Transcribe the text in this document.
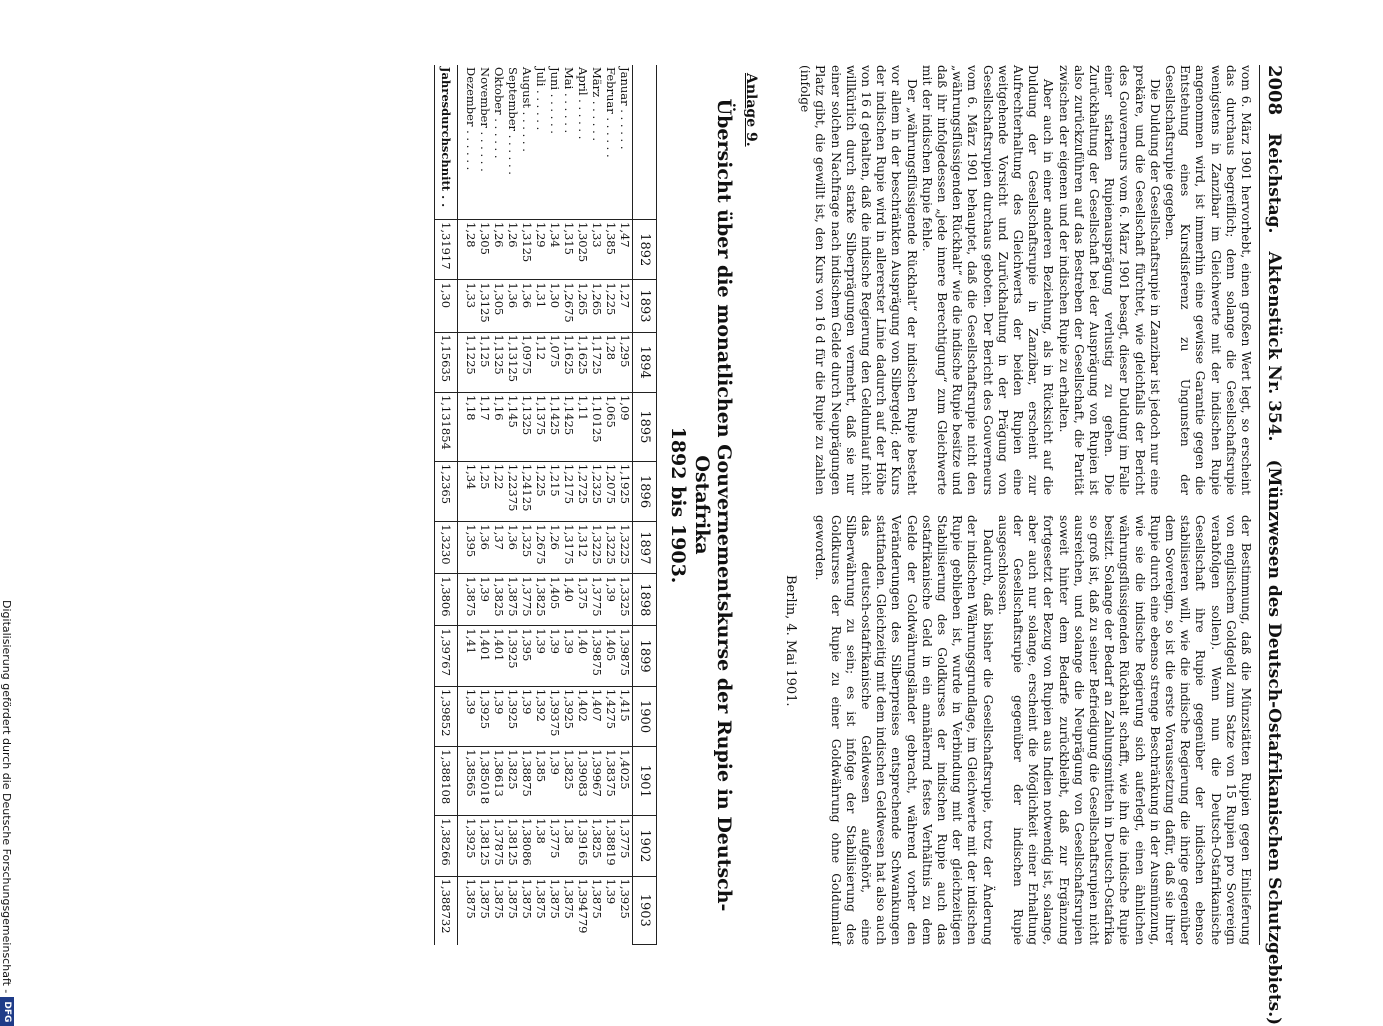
2008
Reichstag.
Aktenstück Nr. 354.
(Münzwesen des Deutsch-Ostafrikanischen Schutzgebiets.)

vom 6. März 1901 hervorhebt, einen großen Wert legt, so erscheint das durchaus begreiflich; denn solange die Gesellschaftsrupie wenigstens in Zanzibar im Gleichwerte mit der indischen Rupie angenommen wird, ist immerhin eine gewisse Garantie gegen die Entstehung eines Kursdisferenz zu Ungunsten der Gesellschaftsrupie gegeben.

Die Duldung der Gesellschaftsrupie in Zanzibar ist jedoch nur eine prekäre, und die Gesellschaft fürchtet, wie gleichfalls der Bericht des Gouverneurs vom 6. März 1901 besagt, dieser Duldung im Falle einer starken Rupienausprägung verlustig zu gehen. Die Zurückhaltung der Gesellschaft bei der Ausprägung von Rupien ist also zurückzuführen auf das Bestreben der Gesellschaft, die Parität zwischen der eigenen und der indischen Rupie zu erhalten.

Aber auch in einer anderen Beziehung, als in Rücksicht auf die Duldung der Gesellschaftsrupie in Zanzibar, erscheint zur Aufrechterhaltung des Gleichwerts der beiden Rupien eine weitgehende Vorsicht und Zurückhaltung in der Prägung von Gesellschaftsrupien durchaus geboten. Der Bericht des Gouverneurs vom 6. März 1901 behauptet, daß die Gesellschaftsrupie nicht den „währungsflüssigenden Rückhalt“ wie die indische Rupie besitze und daß ihr infolgedessen „jede innere Berechtigung“ zum Gleichwerte mit der indischen Rupie fehle.

Der „währungsflüssigende Rückhalt“ der indischen Rupie besteht vor allem in der beschränkten Ausprägung von Silbergeld; der Kurs der indischen Rupie wird in allererster Linie dadurch auf der Höhe von 16 d gehalten, daß die indische Regierung den Geldumlauf nicht willkürlich durch starke Silberprägungen vermehrt, daß sie nur einer solchen Nachfrage nach indischem Gelde durch Neuprägungen Platz gibt, die gewillt ist, den Kurs von 16 d für die Rupie zu zahlen (infolge

der Bestimmung, daß die Münzstätten Rupien gegen Einlieferung von englischem Goldgeld zum Satze von 15 Rupien pro Sovereign verabfolgen sollen). Wenn nun die Deutsch-Ostafrikanische Gesellschaft ihre Rupie gegenüber der indischen ebenso stabilisieren will, wie die indische Regierung die ihrige gegenüber dem Sovereign, so ist die erste Voraussetzung dafür, daß sie ihrer Rupie durch eine ebenso strenge Beschränkung in der Ausmünzung, wie sie die indische Regierung sich auferlegt, einen ähnlichen währungsflüssigenden Rückhalt schafft, wie ihn die indische Rupie besitzt. Solange der Bedarf an Zahlungsmitteln in Deutsch-Ostafrika so groß ist, daß zu seiner Befriedigung die Gesellschaftsrupien nicht ausreichen, und solange die Neuprägung von Gesellschaftsrupien soweit hinter dem Bedarfe zurückbleibt, daß zur Ergänzung fortgesetzt der Bezug von Rupien aus Indien notwendig ist, solange, aber auch nur solange, erscheint die Möglichkeit einer Erhaltung der Gesellschaftsrupie gegenüber der indischen Rupie ausgeschlossen.

Dadurch, daß bisher die Gesellschaftsrupie, trotz der Änderung der indischen Währungsgrundlage, im Gleichwerte mit der indischen Rupie geblieben ist, wurde in Verbindung mit der gleichzeitigen Stabilisierung des Goldkurses der indischen Rupie auch das ostafrikanische Geld in ein annähernd festes Verhältnis zu dem Gelde der Goldwährungsländer gebracht, während vorher den Veränderungen des Silberpreises entsprechende Schwankungen stattfanden. Gleichzeitig mit dem indischen Geldwesen hat also auch das deutsch-ostafrikanische Geldwesen aufgehört, eine Silberwährung zu sein; es ist infolge der Stabilisierung des Goldkurses der Rupie zu einer Goldwährung ohne Goldumlauf geworden.

Berlin, 4. Mai 1901.

Anlage 9.
Übersicht über die monatlichen Gouvernementskurse der Rupie in Deutsch-Ostafrika
1892 bis 1903.
	1892	1893	1894	1895	1896	1897	1898	1899	1900	1901	1902	1903
Januar . . . . . .	1,47	1,27	1,295	1,09	1,1925	1,3225	1,3325	1,39875	1,415	1,4025	1,3775	1,3925
Februar . . . . . .	1,385	1,225	1,28	1,065	1,2075	1,3225	1,39	1,405	1,4275	1,38375	1,38819	1,39
März . . . . . .	1,33	1,265	1,1725	1,10125	1,2325	1,3225	1,3775	1,39875	1,407	1,39967	1,3825	1,3875
April . . . . . .	1,3025	1,265	1,1625	1,11	1,2725	1,312	1,375	1,40	1,402	1,39083	1,39165	1,394779
Mai . . . . . .	1,315	1,2675	1,1625	1,1425	1,2175	1,3175	1,40	1,39	1,3925	1,3825	1,38	1,3875
Juni . . . . . .	1,34	1,30	1,075	1,1425	1,215	1,26	1,405	1,39	1,39375	1,39	1,3775	1,3875
Juli . . . . . .	1,29	1,31	1,12	1,1375	1,225	1,2675	1,3825	1,39	1,392	1,385	1,38	1,3875
August . . . . . .	1,3125	1,36	1,0975	1,1325	1,24125	1,325	1,3775	1,395	1,39	1,38875	1,38086	1,3875
September . . . . . .	1,26	1,36	1,13125	1,145	1,22375	1,36	1,3875	1,3925	1,3925	1,3825	1,38125	1,3875
Oktober . . . . . .	1,26	1,305	1,1325	1,16	1,22	1,37	1,3825	1,401	1,39	1,38613	1,37875	1,3875
November . . . . . .	1,305	1,3125	1,125	1,17	1,25	1,36	1,39	1,401	1,3925	1,385018	1,38125	1,3875
Dezember . . . . . .	1,28	1,33	1,1225	1,18	1,34	1,395	1,3875	1,41	1,39	1,38565	1,3925	1,3875
Jahresdurchschnitt . .	1,31917	1,30	1,15635	1,131854	1,2365	1,3230	1,3806	1,39767	1,39852	1,388108	1,38266	1,388732
Digitalisierung gefördert durch die Deutsche Forschungsgemeinschaft -
DFG
